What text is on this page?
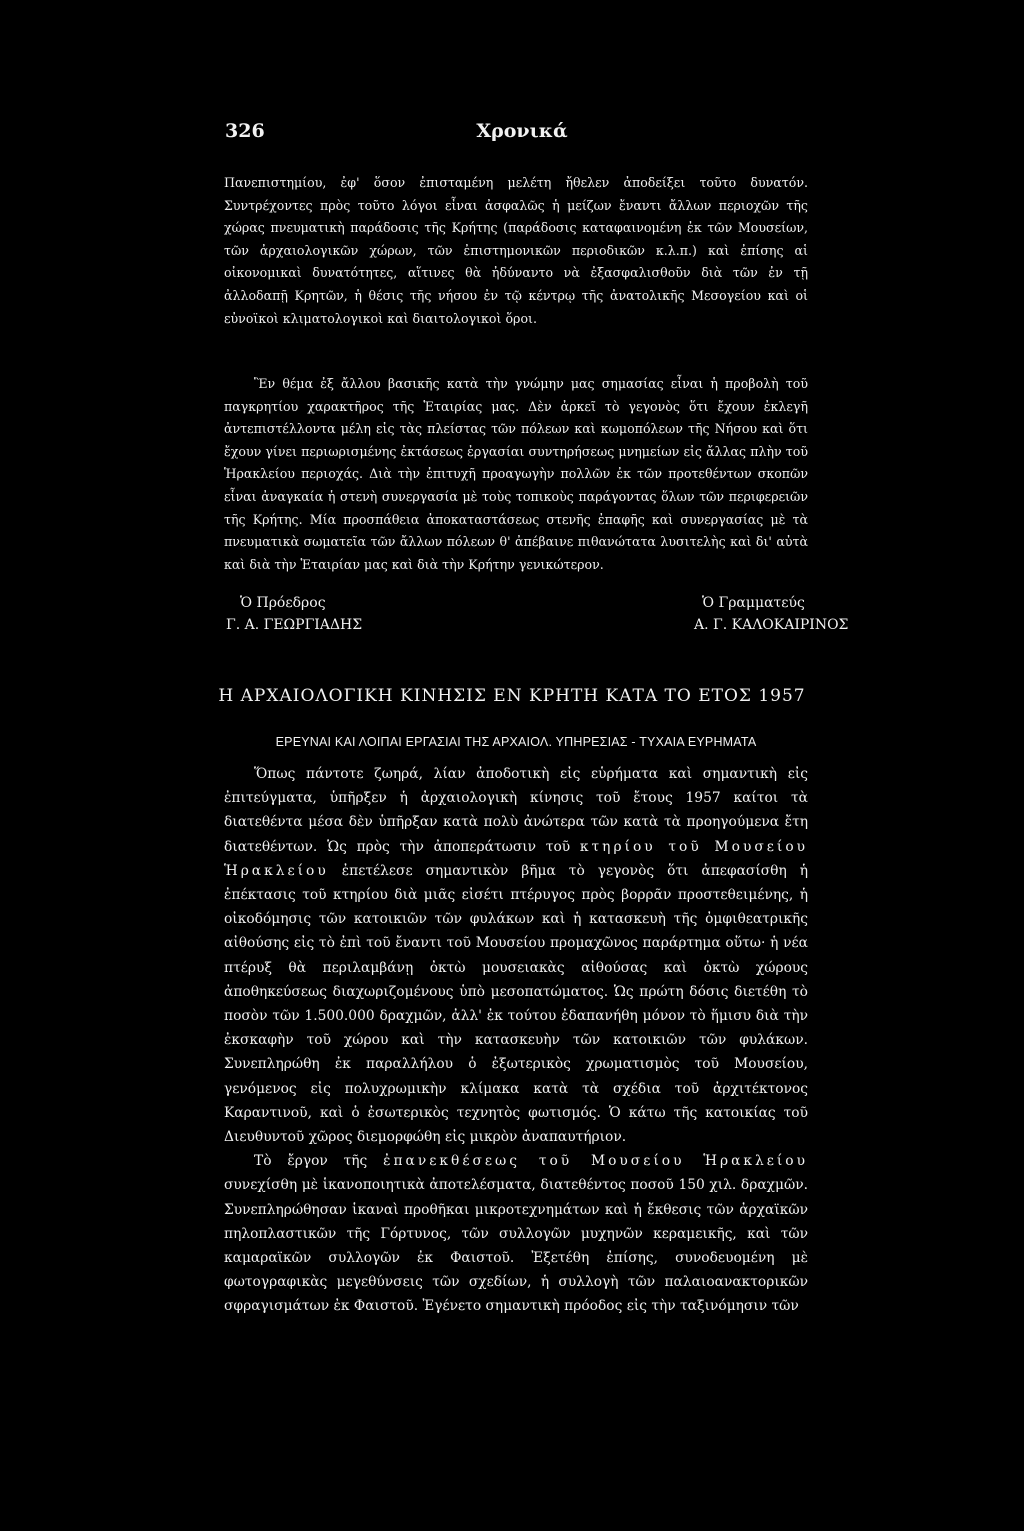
326	Χρονικά

Πανεπιστημίου, ἐφ' ὅσον ἐπισταμένη μελέτη ἤθελεν ἀποδείξει τοῦτο δυνατόν. Συντρέχοντες πρὸς τοῦτο λόγοι εἶναι ἀσφαλῶς ἡ μείζων ἔναντι ἄλλων περιοχῶν τῆς χώρας πνευματικὴ παράδοσις τῆς Κρήτης (παράδοσις καταφαινομένη ἐκ τῶν Μουσείων, τῶν ἀρχαιολογικῶν χώρων, τῶν ἐπιστημονικῶν περιοδικῶν κ.λ.π.) καὶ ἐπίσης αἱ οἰκονομικαὶ δυνατότητες, αἵτινες θὰ ἠδύναντο νὰ ἐξασφαλισθοῦν διὰ τῶν ἐν τῇ ἀλλοδαπῇ Κρητῶν, ἡ θέσις τῆς νήσου ἐν τῷ κέντρῳ τῆς ἀνατολικῆς Μεσογείου καὶ οἱ εὐνοϊκοὶ κλιματολογικοὶ καὶ διαιτολογικοὶ ὅροι.

Ἓν θέμα ἐξ ἄλλου βασικῆς κατὰ τὴν γνώμην μας σημασίας εἶναι ἡ προβολὴ τοῦ παγκρητίου χαρακτῆρος τῆς Ἑταιρίας μας. Δὲν ἀρκεῖ τὸ γεγονὸς ὅτι ἔχουν ἐκλεγῆ ἀντεπιστέλλοντα μέλη εἰς τὰς πλείστας τῶν πόλεων καὶ κωμοπόλεων τῆς Νήσου καὶ ὅτι ἔχουν γίνει περιωρισμένης ἐκτάσεως ἐργασίαι συντηρήσεως μνημείων εἰς ἄλλας πλὴν τοῦ Ἡρακλείου περιοχάς. Διὰ τὴν ἐπιτυχῆ προαγωγὴν πολλῶν ἐκ τῶν προτεθέντων σκοπῶν εἶναι ἀναγκαία ἡ στενὴ συνεργασία μὲ τοὺς τοπικοὺς παράγοντας ὅλων τῶν περιφερειῶν τῆς Κρήτης. Μία προσπάθεια ἀποκαταστάσεως στενῆς ἐπαφῆς καὶ συνεργασίας μὲ τὰ πνευματικὰ σωματεῖα τῶν ἄλλων πόλεων θ' ἀπέβαινε πιθανώτατα λυσιτελὴς καὶ δι' αὐτὰ καὶ διὰ τὴν Ἑταιρίαν μας καὶ διὰ τὴν Κρήτην γενικώτερον.

Ὁ Πρόεδρος
Γ. Α. ΓΕΩΡΓΙΑΔΗΣ
Ὁ Γραμματεύς
Α. Γ. ΚΑΛΟΚΑΙΡΙΝΟΣ
Η ΑΡΧΑΙΟΛΟΓΙΚΗ ΚΙΝΗΣΙΣ ΕΝ ΚΡΗΤΗ ΚΑΤΑ ΤΟ ΕΤΟΣ 1957
ΕΡΕΥΝΑΙ ΚΑΙ ΛΟΙΠΑΙ ΕΡΓΑΣΙΑΙ ΤΗΣ ΑΡΧΑΙΟΛ. ΥΠΗΡΕΣΙΑΣ - ΤΥΧΑΙΑ ΕΥΡΗΜΑΤΑ

Ὅπως πάντοτε ζωηρά, λίαν ἀποδοτικὴ εἰς εὑρήματα καὶ σημαντικὴ εἰς ἐπιτεύγματα, ὑπῆρξεν ἡ ἀρχαιολογικὴ κίνησις τοῦ ἔτους 1957 καίτοι τὰ διατεθέντα μέσα δὲν ὑπῆρξαν κατὰ πολὺ ἀνώτερα τῶν κατὰ τὰ προηγούμενα ἔτη διατεθέντων. Ὡς πρὸς τὴν ἀποπεράτωσιν τοῦ κτηρίου τοῦ Μουσείου Ἡρακλείου ἐπετέλεσε σημαντικὸν βῆμα τὸ γεγονὸς ὅτι ἀπεφασίσθη ἡ ἐπέκτασις τοῦ κτηρίου διὰ μιᾶς εἰσέτι πτέρυγος πρὸς βορρᾶν προστεθειμένης, ἡ οἰκοδόμησις τῶν κατοικιῶν τῶν φυλάκων καὶ ἡ κατασκευὴ τῆς ὀμφιθεατρικῆς αἰθούσης εἰς τὸ ἐπὶ τοῦ ἔναντι τοῦ Μουσείου προμαχῶνος παράρτημα οὕτω· ἡ νέα πτέρυξ θὰ περιλαμβάνῃ ὀκτὼ μουσειακὰς αἰθούσας καὶ ὀκτὼ χώρους ἀποθηκεύσεως διαχωριζομένους ὑπὸ μεσοπατώματος. Ὡς πρώτη δόσις διετέθη τὸ ποσὸν τῶν 1.500.000 δραχμῶν, ἀλλ' ἐκ τούτου ἐδαπανήθη μόνον τὸ ἥμισυ διὰ τὴν ἐκσκαφὴν τοῦ χώρου καὶ τὴν κατασκευὴν τῶν κατοικιῶν τῶν φυλάκων. Συνεπληρώθη ἐκ παραλλήλου ὁ ἐξωτερικὸς χρωματισμὸς τοῦ Μουσείου, γενόμενος εἰς πολυχρωμικὴν κλίμακα κατὰ τὰ σχέδια τοῦ ἀρχιτέκτονος Καραντινοῦ, καὶ ὁ ἐσωτερικὸς τεχνητὸς φωτισμός. Ὁ κάτω τῆς κατοικίας τοῦ Διευθυντοῦ χῶρος διεμορφώθη εἰς μικρὸν ἀναπαυτήριον.

Τὸ ἔργον τῆς ἐπανεκθέσεως τοῦ Μουσείου Ἡρακλείου συνεχίσθη μὲ ἱκανοποιητικὰ ἀποτελέσματα, διατεθέντος ποσοῦ 150 χιλ. δραχμῶν. Συνεπληρώθησαν ἱκαναὶ προθῆκαι μικροτεχνημάτων καὶ ἡ ἔκθεσις τῶν ἀρχαϊκῶν πηλοπλαστικῶν τῆς Γόρτυνος, τῶν συλλογῶν μυχηνῶν κεραμεικῆς, καὶ τῶν καμαραϊκῶν συλλογῶν ἐκ Φαιστοῦ. Ἐξετέθη ἐπίσης, συνοδευομένη μὲ φωτογραφικὰς μεγεθύνσεις τῶν σχεδίων, ἡ συλλογὴ τῶν παλαιοανακτορικῶν σφραγισμάτων ἐκ Φαιστοῦ. Ἐγένετο σημαντικὴ πρόοδος εἰς τὴν ταξινόμησιν τῶν
